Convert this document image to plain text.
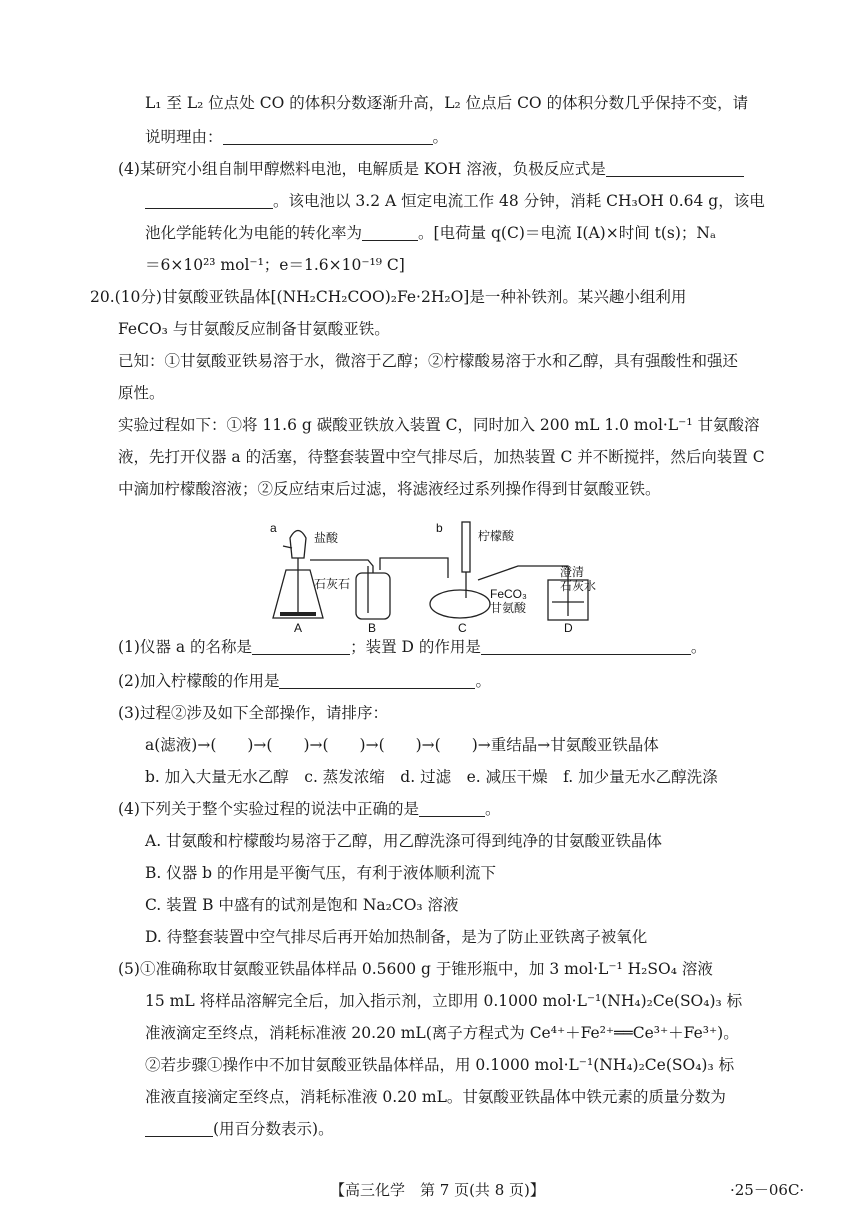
L₁ 至 L₂ 位点处 CO 的体积分数逐渐升高，L₂ 位点后 CO 的体积分数几乎保持不变，请
说明理由：	。
(4)某研究小组自制甲醇燃料电池，电解质是 KOH 溶液，负极反应式是
。该电池以 3.2 A 恒定电流工作 48 分钟，消耗 CH₃OH 0.64 g，该电
池化学能转化为电能的转化率为	。[电荷量 q(C)＝电流 I(A)×时间 t(s)；Nₐ
＝6×10²³ mol⁻¹；e＝1.6×10⁻¹⁹ C]
20.(10分)甘氨酸亚铁晶体[(NH₂CH₂COO)₂Fe·2H₂O]是一种补铁剂。某兴趣小组利用
FeCO₃ 与甘氨酸反应制备甘氨酸亚铁。
已知：①甘氨酸亚铁易溶于水，微溶于乙醇；②柠檬酸易溶于水和乙醇，具有强酸性和强还
原性。
实验过程如下：①将 11.6 g 碳酸亚铁放入装置 C，同时加入 200 mL 1.0 mol·L⁻¹ 甘氨酸溶
液，先打开仪器 a 的活塞，待整套装置中空气排尽后，加热装置 C 并不断搅拌，然后向装置 C
中滴加柠檬酸溶液；②反应结束后过滤，将滤液经过系列操作得到甘氨酸亚铁。
(1)仪器 a 的名称是	；装置 D 的作用是	。
(2)加入柠檬酸的作用是	。
(3)过程②涉及如下全部操作，请排序：
a(滤液)→(　　)→(　　)→(　　)→(　　)→(　　)→重结晶→甘氨酸亚铁晶体
b. 加入大量无水乙醇　c. 蒸发浓缩　d. 过滤　e. 减压干燥　f. 加少量无水乙醇洗涤
(4)下列关于整个实验过程的说法中正确的是	。
A. 甘氨酸和柠檬酸均易溶于乙醇，用乙醇洗涤可得到纯净的甘氨酸亚铁晶体
B. 仪器 b 的作用是平衡气压，有利于液体顺利流下
C. 装置 B 中盛有的试剂是饱和 Na₂CO₃ 溶液
D. 待整套装置中空气排尽后再开始加热制备，是为了防止亚铁离子被氧化
(5)①准确称取甘氨酸亚铁晶体样品 0.5600 g 于锥形瓶中，加 3 mol·L⁻¹ H₂SO₄ 溶液
15 mL 将样品溶解完全后，加入指示剂，立即用 0.1000 mol·L⁻¹(NH₄)₂Ce(SO₄)₃ 标
准液滴定至终点，消耗标准液 20.20 mL(离子方程式为 Ce⁴⁺＋Fe²⁺══Ce³⁺＋Fe³⁺)。
②若步骤①操作中不加甘氨酸亚铁晶体样品，用 0.1000 mol·L⁻¹(NH₄)₂Ce(SO₄)₃ 标
准液直接滴定至终点，消耗标准液 0.20 mL。甘氨酸亚铁晶体中铁元素的质量分数为
(用百分数表示)。
a
盐酸
石灰石
b
柠檬酸
FeCO₃
甘氨酸
澄清
石灰水
A	B	C	D
【高三化学　第 7 页(共 8 页)】	·25－06C·
